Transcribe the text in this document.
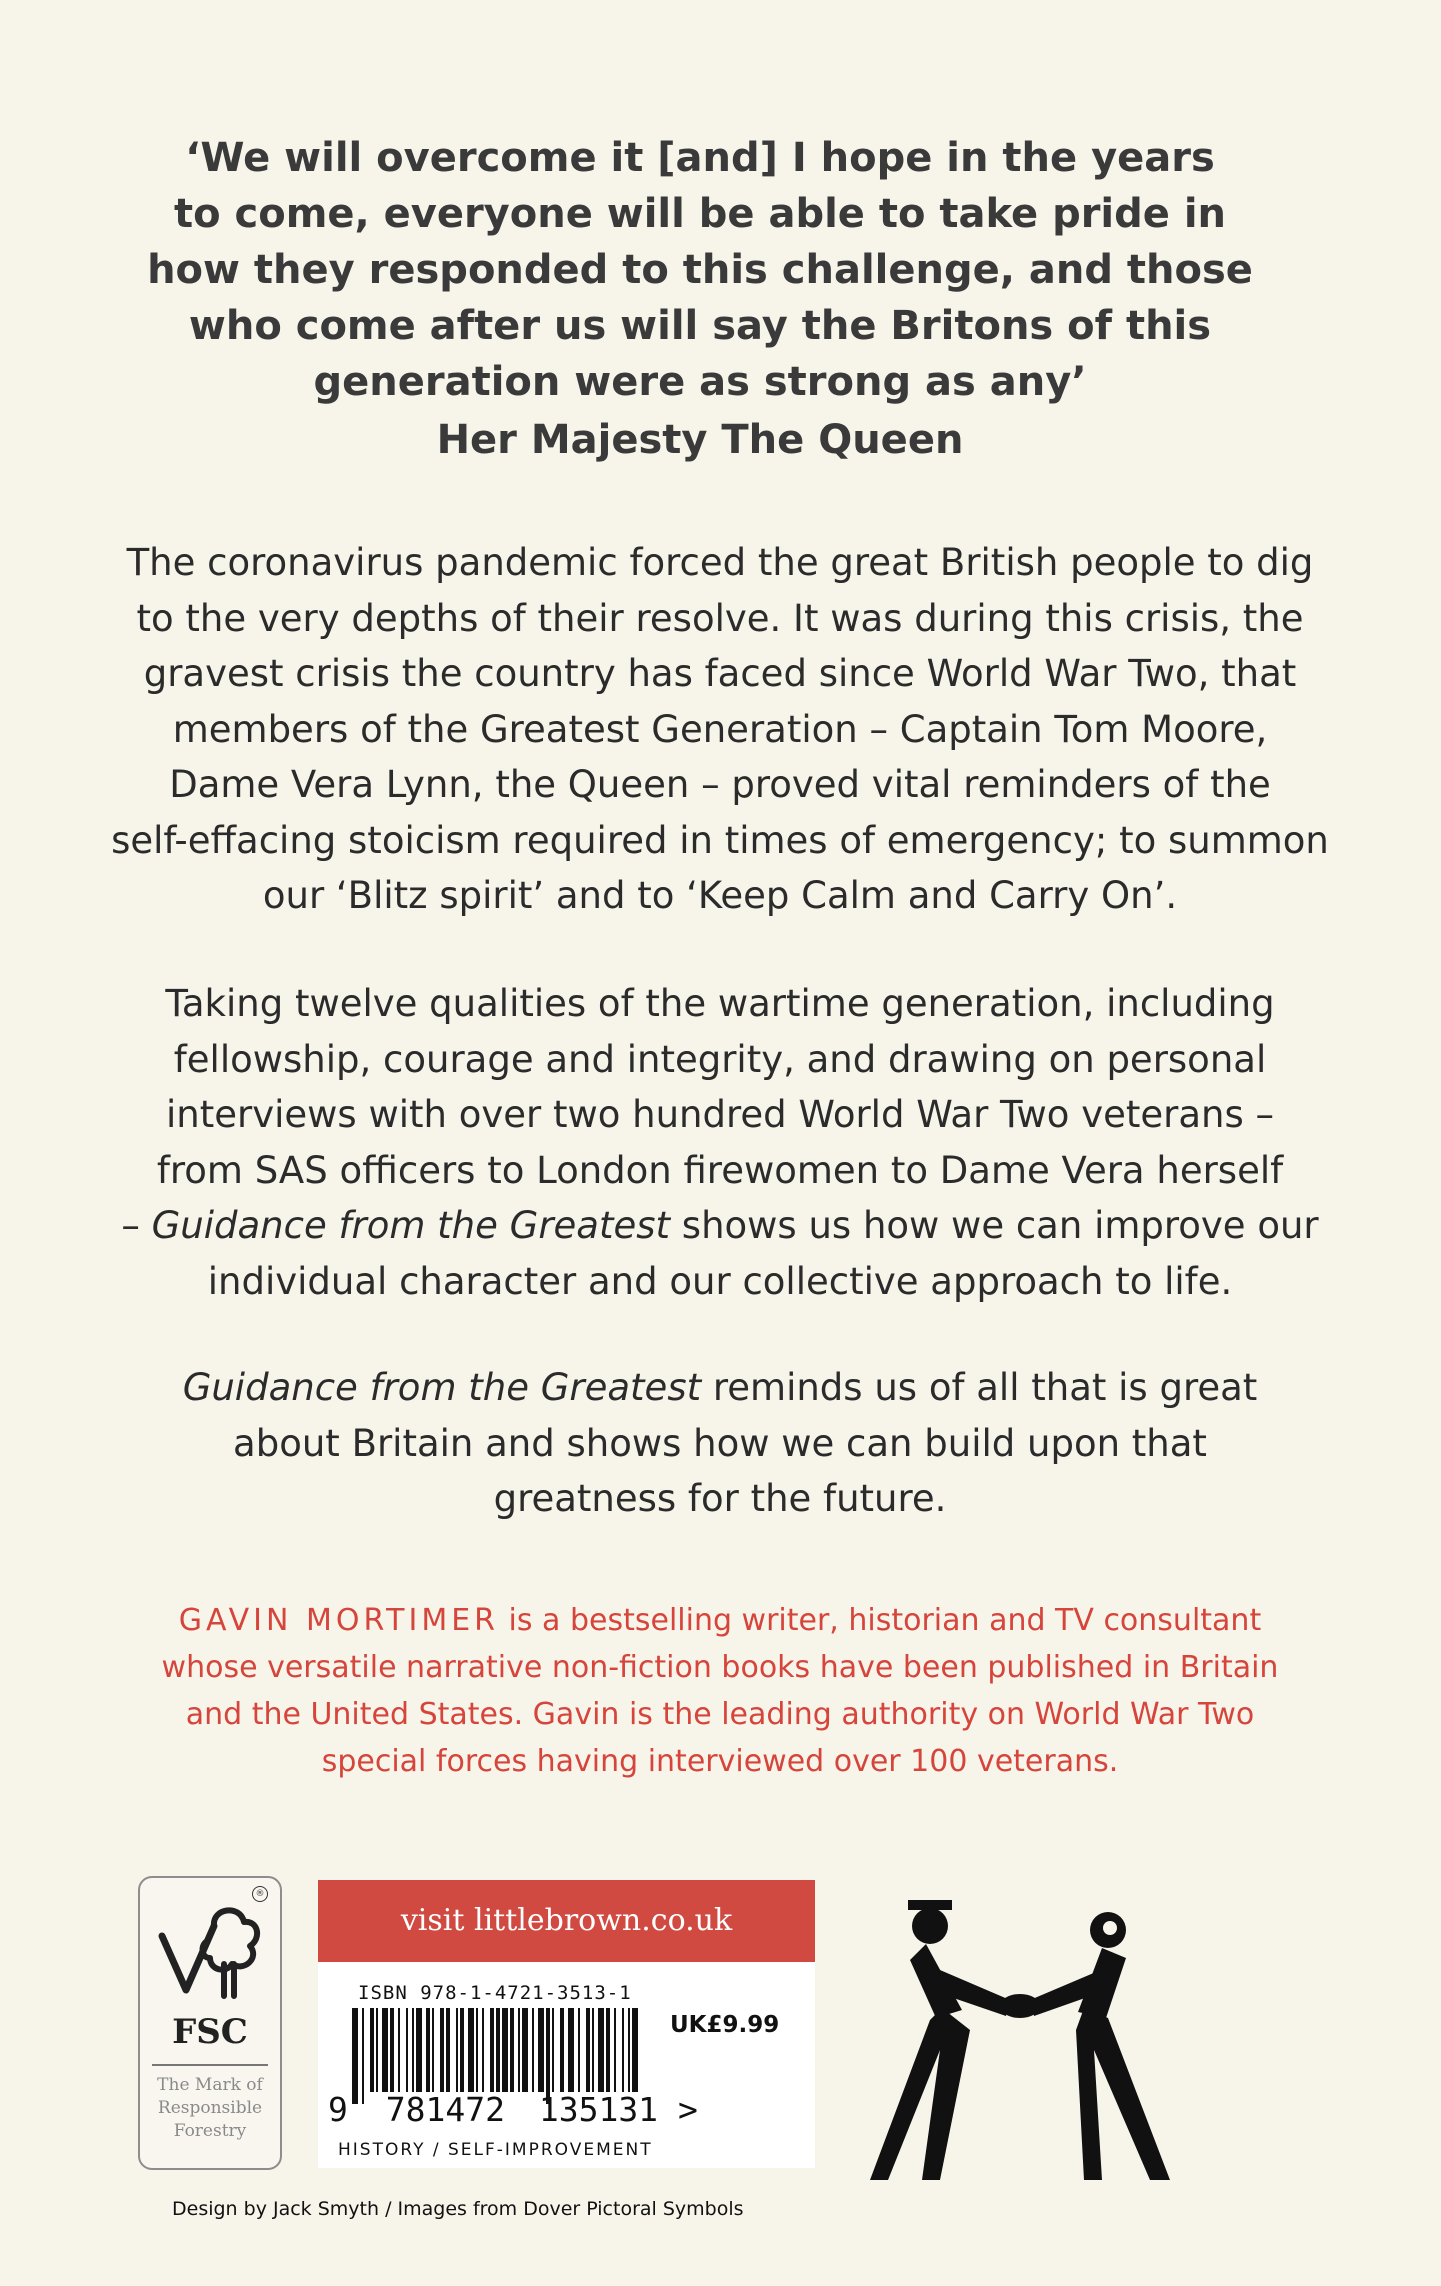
‘We will overcome it [and] I hope in the years
to come, everyone will be able to take pride in
how they responded to this challenge, and those
who come after us will say the Britons of this
generation were as strong as any’

Her Majesty The Queen

The coronavirus pandemic forced the great British people to dig
to the very depths of their resolve. It was during this crisis, the
gravest crisis the country has faced since World War Two, that
members of the Greatest Generation – Captain Tom Moore,
Dame Vera Lynn, the Queen – proved vital reminders of the
self-effacing stoicism required in times of emergency; to summon
our ‘Blitz spirit’ and to ‘Keep Calm and Carry On’.

Taking twelve qualities of the wartime generation, including
fellowship, courage and integrity, and drawing on personal
interviews with over two hundred World War Two veterans –
from SAS officers to London firewomen to Dame Vera herself
– Guidance from the Greatest shows us how we can improve our
individual character and our collective approach to life.

Guidance from the Greatest reminds us of all that is great
about Britain and shows how we can build upon that
greatness for the future.

GAVIN MORTIMER is a bestselling writer, historian and TV consultant
whose versatile narrative non-fiction books have been published in Britain
and the United States. Gavin is the leading authority on World War Two
special forces having interviewed over 100 veterans.

®
FSC
The Mark of
Responsible
Forestry
visit littlebrown.co.uk
ISBN 978-1-4721-3513-1
UK£9.99
9 781472 135131 >
HISTORY / SELF-IMPROVEMENT
Design by Jack Smyth / Images from Dover Pictoral Symbols
